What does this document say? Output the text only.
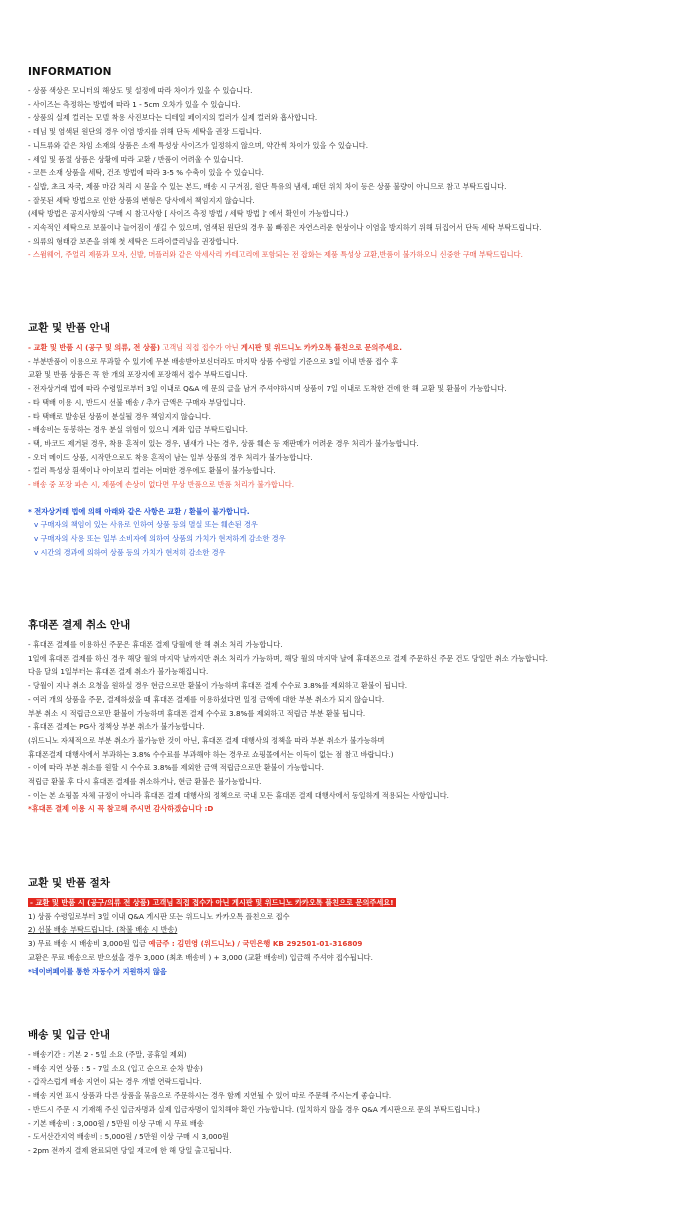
INFORMATION
- 상품 색상은 모니터의 해상도 및 설정에 따라 차이가 있을 수 있습니다.
- 사이즈는 측정하는 방법에 따라 1 - 5cm 오차가 있을 수 있습니다.
- 상품의 실제 컬러는 모델 착용 사진보다는 디테일 페이지의 컬러가 실제 컬러와 흡사합니다.
- 데님 및 염색된 원단의 경우 이염 방지를 위해 단독 세탁을 권장 드립니다.
- 니트류와 같은 차임 소재의 상품은 소재 특성상 사이즈가 일정하지 않으며, 약간씩 차이가 있을 수 있습니다.
- 세일 및 품절 상품은 상황에 따라 교환 / 반품이 어려울 수 있습니다.
- 코튼 소재 상품을 세탁, 건조 방법에 따라 3-5 % 수축이 있을 수 있습니다.
- 실밥, 초크 자국, 제품 마감 처리 시 묻을 수 있는 본드, 배송 시 구겨짐, 원단 특유의 냄새, 패턴 위치 차이 등은 상품 불량이 아니므로 참고 부탁드립니다.
- 잘못된 세탁 방법으로 인한 상품의 변형은 당사에서 책임지지 않습니다.
(세탁 방법은 공지사항의 '구매 시 참고사항 [ 사이즈 측정 방법 / 세탁 방법 ]' 에서 확인이 가능합니다.)
- 지속적인 세탁으로 보풀이나 늘어짐이 생길 수 있으며, 염색된 원단의 경우 물 빠짐은 자연스러운 현상이나 이염을 방지하기 위해 뒤집어서 단독 세탁 부탁드립니다.
- 의류의 형태감 보존을 위해 첫 세탁은 드라이클리닝을 권장합니다.
- 스윔웨어, 주얼리 제품과 모자, 신발, 머플러와 같은 악세사리 카테고리에 포함되는 전 잡화는 제품 특성상 교환,반품이 불가하오니 신중한 구매 부탁드립니다.
교환 및 반품 안내
- 교환 및 반품 시 (공구 및 의류, 전 상품) 고객님 직접 접수가 아닌 게시판 및 위드니노 카카오톡 플친으로 문의주세요.
- 부분반품이 이용으로 무과할 수 있기에 무분 배송받아보신더라도 마지막 상품 수령일 기준으로 3일 이내 반품 접수 후
교환 및 반품 상품은 꼭 한 개의 포장지에 포장해서 접수 부탁드립니다.
- 전자상거래 법에 따라 수령일로부터 3일 이내로 Q&A 에 문의 글을 남겨 주셔야하시며 상품이 7일 이내로 도착한 건에 한 해 교환 및 환불이 가능합니다.
- 타 택배 이용 시, 반드시 선불 배송 / 추가 금액은 구매자 부담입니다.
- 타 택배로 발송된 상품이 분실될 경우 책임지지 않습니다.
- 배송비는 동봉하는 경우 분실 위험이 있으니 계좌 입금 부탁드립니다.
- 택, 바코드 제거된 경우, 착용 흔적이 있는 경우, 냄새가 나는 경우, 상품 훼손 등 재판매가 어려운 경우 처리가 불가능합니다.
- 오더 메이드 상품, 시작만으로도 착용 흔적이 남는 일부 상품의 경우 처리가 불가능합니다.
- 컬러 특성상 흰색이나 아이보리 컬러는 어떠한 경우에도 환불이 불가능합니다.
- 배송 중 포장 파손 시, 제품에 손상이 없다면 무상 반품으로 반품 처리가 불가합니다.
* 전자상거래 법에 의해 아래와 같은 사항은 교환 / 환불이 불가합니다.
v 구매자의 책임이 있는 사유로 인하여 상품 등의 멸실 또는 훼손된 경우
v 구매자의 사용 또는 일부 소비자에 의하여 상품의 가치가 현저하게 감소한 경우
v 시간의 경과에 의하여 상품 등의 가치가 현저히 감소한 경우
휴대폰 결제 취소 안내
- 휴대폰 결제를 이용하신 주문은 휴대폰 결제 당월에 한 해 취소 처리 가능합니다.
1일에 휴대폰 결제를 하신 경우 해당 월의 마지막 날까지만 취소 처리가 가능하며, 해당 월의 마지막 날에 휴대폰으로 결제 주문하신 주문 건도 당일만 취소 가능합니다.
다음 달의 1일부터는 휴대폰 결제 취소가 불가능해집니다.
- 당월이 지나 취소 요청을 원하실 경우 현금으로만 환불이 가능하며 휴대폰 결제 수수료 3.8%를 제외하고 환불이 됩니다.
- 여러 개의 상품을 주문, 결제하셨을 때 휴대폰 결제를 이용하셨다면 일정 금액에 대한 부분 취소가 되지 않습니다.
부분 취소 시 적립금으로만 환불이 가능하며 휴대폰 결제 수수료 3.8%를 제외하고 적립금 부분 환불 됩니다.
- 휴대폰 결제는 PG사 정책상 부분 취소가 불가능합니다.
(위드니노 자체적으로 부분 취소가 불가능한 것이 아닌, 휴대폰 결제 대행사의 정책을 따라 부분 취소가 불가능하며
휴대폰결제 대행사에서 부과하는 3.8% 수수료를 부과해야 하는 경우로 쇼핑몰에서는 이득이 없는 점 참고 바랍니다.)
- 이에 따라 부분 취소를 원할 시 수수료 3.8%를 제외한 금액 적립금으로만 환불이 가능합니다.
적립금 환불 후 다시 휴대폰 결제를 취소하거나, 현금 환불은 불가능합니다.
- 이는 본 쇼핑몰 자체 규정이 아니라 휴대폰 결제 대행사의 정책으로 국내 모든 휴대폰 결제 대행사에서 동일하게 적용되는 사항입니다.
*휴대폰 결제 이용 시 꼭 참고해 주시면 감사하겠습니다 :D
교환 및 반품 절차
- 교환 및 반품 시 (공구/의류 전 상품) 고객님 직접 접수가 아닌 게시판 및 위드니노 카카오톡 플친으로 문의주세요!
1) 상품 수령일로부터 3일 이내 Q&A 게시판 또는 위드니노 카카오톡 플친으로 접수
2) 선불 배송 부탁드립니다. (착불 배송 시 반송)
3) 무료 배송 시 배송비 3,000원 입금 예금주 : 김민영 (위드니노) / 국민은행 KB 292501-01-316809
교환은 무료 배송으로 받으셨을 경우 3,000 (최초 배송비 ) + 3,000 (교환 배송비) 입금해 주셔야 접수됩니다.
*네이버페이를 통한 자동수거 지원하지 않음
배송 및 입금 안내
- 배송기간 : 기본 2 - 5일 소요 (주말, 공휴일 제외)
- 배송 지연 상품 : 5 - 7일 소요 (입고 순으로 순차 발송)
- 갑작스럽게 배송 지연이 되는 경우 개별 연락드립니다.
- 배송 지연 표시 상품과 다른 상품을 묶음으로 주문하시는 경우 함께 지연될 수 있어 따로 주문해 주시는게 좋습니다.
- 반드시 주문 시 기재해 주신 입금자명과 실제 입금자명이 일치해야 확인 가능합니다. (일치하지 않을 경우 Q&A 게시판으로 문의 부탁드립니다.)
- 기본 배송비 : 3,000원 / 5만원 이상 구매 시 무료 배송
- 도서산간지역 배송비 : 5,000원 / 5만원 이상 구매 시 3,000원
- 2pm 전까지 결제 완료되면 당일 재고에 한 해 당일 출고됩니다.
